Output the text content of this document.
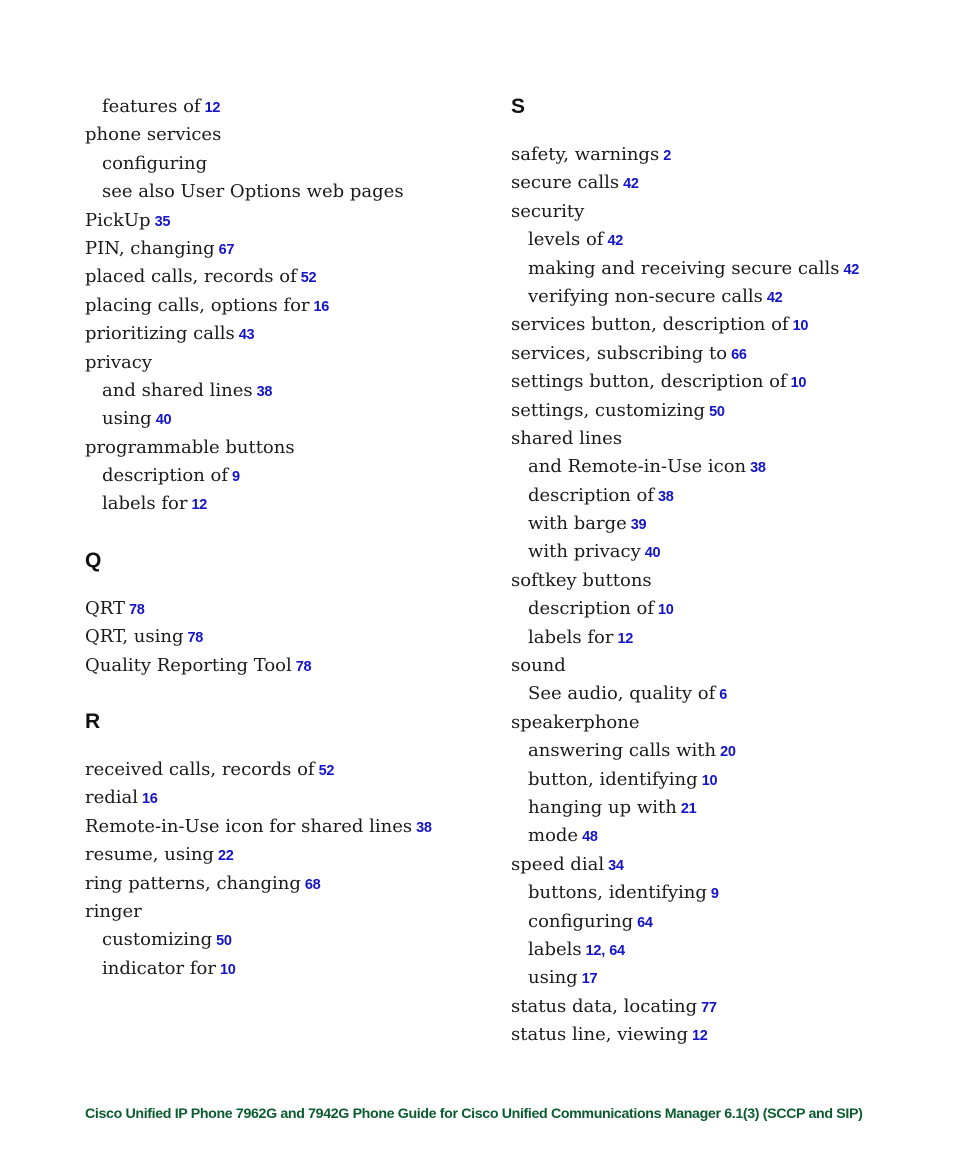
features of 12
phone services
configuring
see also User Options web pages
PickUp 35
PIN, changing 67
placed calls, records of 52
placing calls, options for 16
prioritizing calls 43
privacy
and shared lines 38
using 40
programmable buttons
description of 9
labels for 12
Q
QRT 78
QRT, using 78
Quality Reporting Tool 78
R
received calls, records of 52
redial 16
Remote-in-Use icon for shared lines 38
resume, using 22
ring patterns, changing 68
ringer
customizing 50
indicator for 10
S
safety, warnings 2
secure calls 42
security
levels of 42
making and receiving secure calls 42
verifying non-secure calls 42
services button, description of 10
services, subscribing to 66
settings button, description of 10
settings, customizing 50
shared lines
and Remote-in-Use icon 38
description of 38
with barge 39
with privacy 40
softkey buttons
description of 10
labels for 12
sound
See audio, quality of 6
speakerphone
answering calls with 20
button, identifying 10
hanging up with 21
mode 48
speed dial 34
buttons, identifying 9
configuring 64
labels 12, 64
using 17
status data, locating 77
status line, viewing 12
Cisco Unified IP Phone 7962G and 7942G Phone Guide for Cisco Unified Communications Manager 6.1(3) (SCCP and SIP)
